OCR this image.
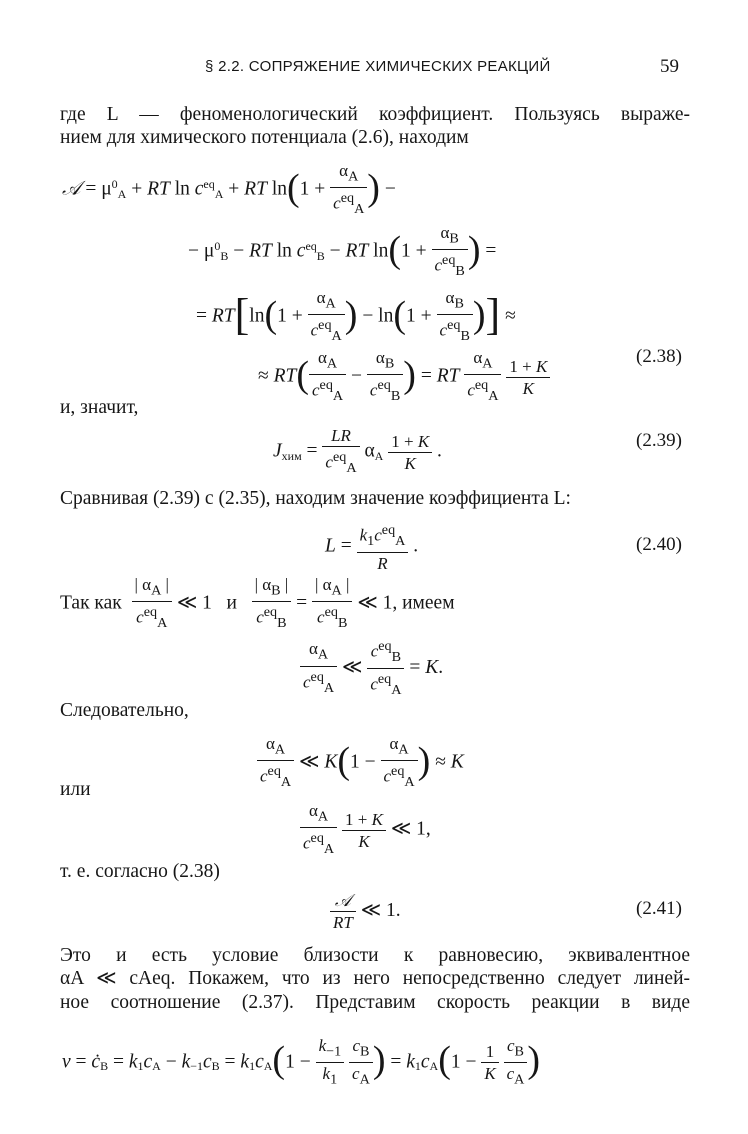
§ 2.2. СОПРЯЖЕНИЕ ХИМИЧЕСКИХ РЕАКЦИЙ	59
где L — феноменологический коэффициент. Пользуясь выраже-
нием для химического потенциала (2.6), находим
𝒜 = $\mu^0A$ + RT $\ln c^{eq}A$ + RT $\ln(1 + \frac{\alpha_A}{c^{eq}_A}$ ) −
− $\mu^0B$ − RT $\ln c^{eq}B$ − RT $\ln(1 + \frac{\alpha_B}{c^{eq}_B}$ ) =
= $RT[\ln(1 + \frac{\alpha_A}{c^{eq}_A}$ ) − $\ln(1 + \frac{\alpha_B}{c^{eq}_B}$ )] ≈
≈ $RT( \frac{\alpha_A}{c^{eq}_A} - \frac{\alpha_B}{c^{eq}_B}$ ) = RT $\frac{\alpha_A}{c^{eq}_A}$
$\frac{1 + K}{K}$	(2.38)
и, значит,
Jхим = $\frac{LR}{c^{eq}_A}$ αA $\frac{1 + K}{K}$ .	(2.39)
Сравнивая (2.39) с (2.35), находим значение коэффициента L:
$L = \frac{k_1c^{eq}_A}{R}$ .	(2.40)
Так как $\frac{| \alpha_A |}{c^{eq}_A}$ ≪ 1   и $\frac{| \alpha_B |}{c^{eq}_B} = \frac{| \alpha_A |}{c^{eq}_B}$ ≪ 1, имеем
$\frac{\alpha_A}{c^{eq}_A}$ ≪ $\frac{c^{eq}_B}{c^{eq}_A} = K$.
Следовательно,
$\frac{\alpha_A}{c^{eq}_A}$ ≪ $K(1 - \frac{\alpha_A}{c^{eq}_A}$ ) ≈ K
или
$\frac{\alpha_A}{c^{eq}_A}$
$\frac{1 + K}{K}$ ≪ 1,
т. е. согласно (2.38)
$\frac{\text{𝒜}}{RT}$ ≪ 1.	(2.41)
Это и есть условие близости к равновесию, эквивалентное
αA ≪ cAeq. Покажем, что из него непосредственно следует линей-
ное соотношение (2.37). Представим скорость реакции в виде
v = ċB = $k1cA - k-1cB = k1cA(1 - \frac{k_{-1}}{k_1}$
$\frac{c_B}{c_A}$ ) = $k1cA(1 - \frac{1}{K}$
$\frac{c_B}{c_A}$ )
